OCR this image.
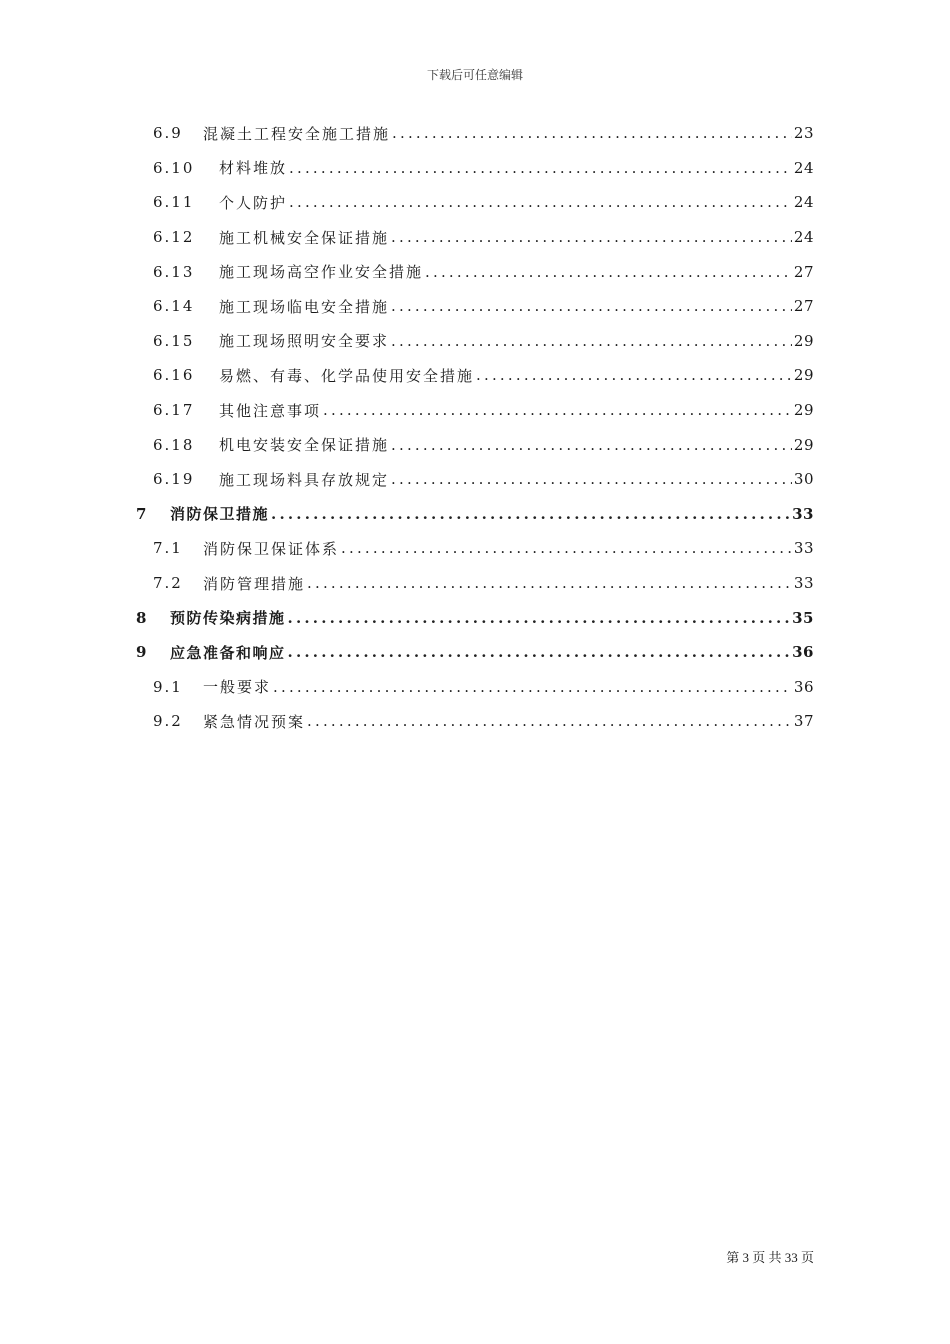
下载后可任意编辑
6.9	混凝土工程安全施工措施 .....	23
6.10	材料堆放 .....	24
6.11	个人防护 .....	24
6.12	施工机械安全保证措施 .....	24
6.13	施工现场高空作业安全措施 .....	27
6.14	施工现场临电安全措施 .....	27
6.15	施工现场照明安全要求 .....	29
6.16	易燃、有毒、化学品使用安全措施 .....	29
6.17	其他注意事项 .....	29
6.18	机电安装安全保证措施 .....	29
6.19	施工现场料具存放规定 .....	30
7	消防保卫措施 .....	33
7.1	消防保卫保证体系 .....	33
7.2	消防管理措施 .....	33
8	预防传染病措施 .....	35
9	应急准备和响应 .....	36
9.1	一般要求 .....	36
9.2	紧急情况预案 .....	37
第 3 页 共 33 页
